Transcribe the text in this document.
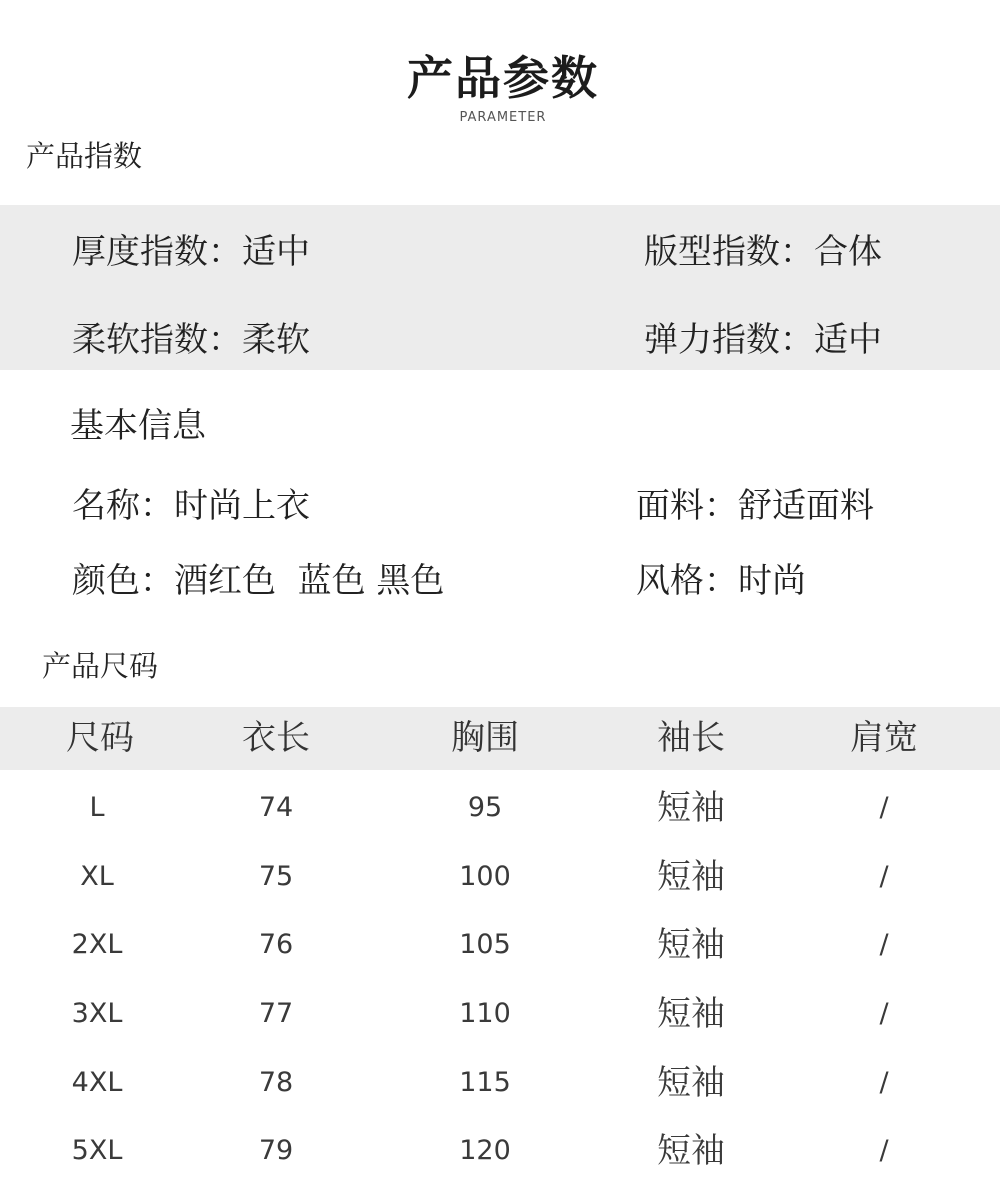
产品参数
PARAMETER
产品指数
厚度指数：适中	版型指数：合体
柔软指数：柔软	弹力指数：适中
基本信息
名称：时尚上衣	面料：舒适面料
颜色：酒红色  蓝色 黑色	风格：时尚
产品尺码
尺码	衣长	胸围	袖长	肩宽
L	74	95	短袖	/
XL	75	100	短袖	/
2XL	76	105	短袖	/
3XL	77	110	短袖	/
4XL	78	115	短袖	/
5XL	79	120	短袖	/
